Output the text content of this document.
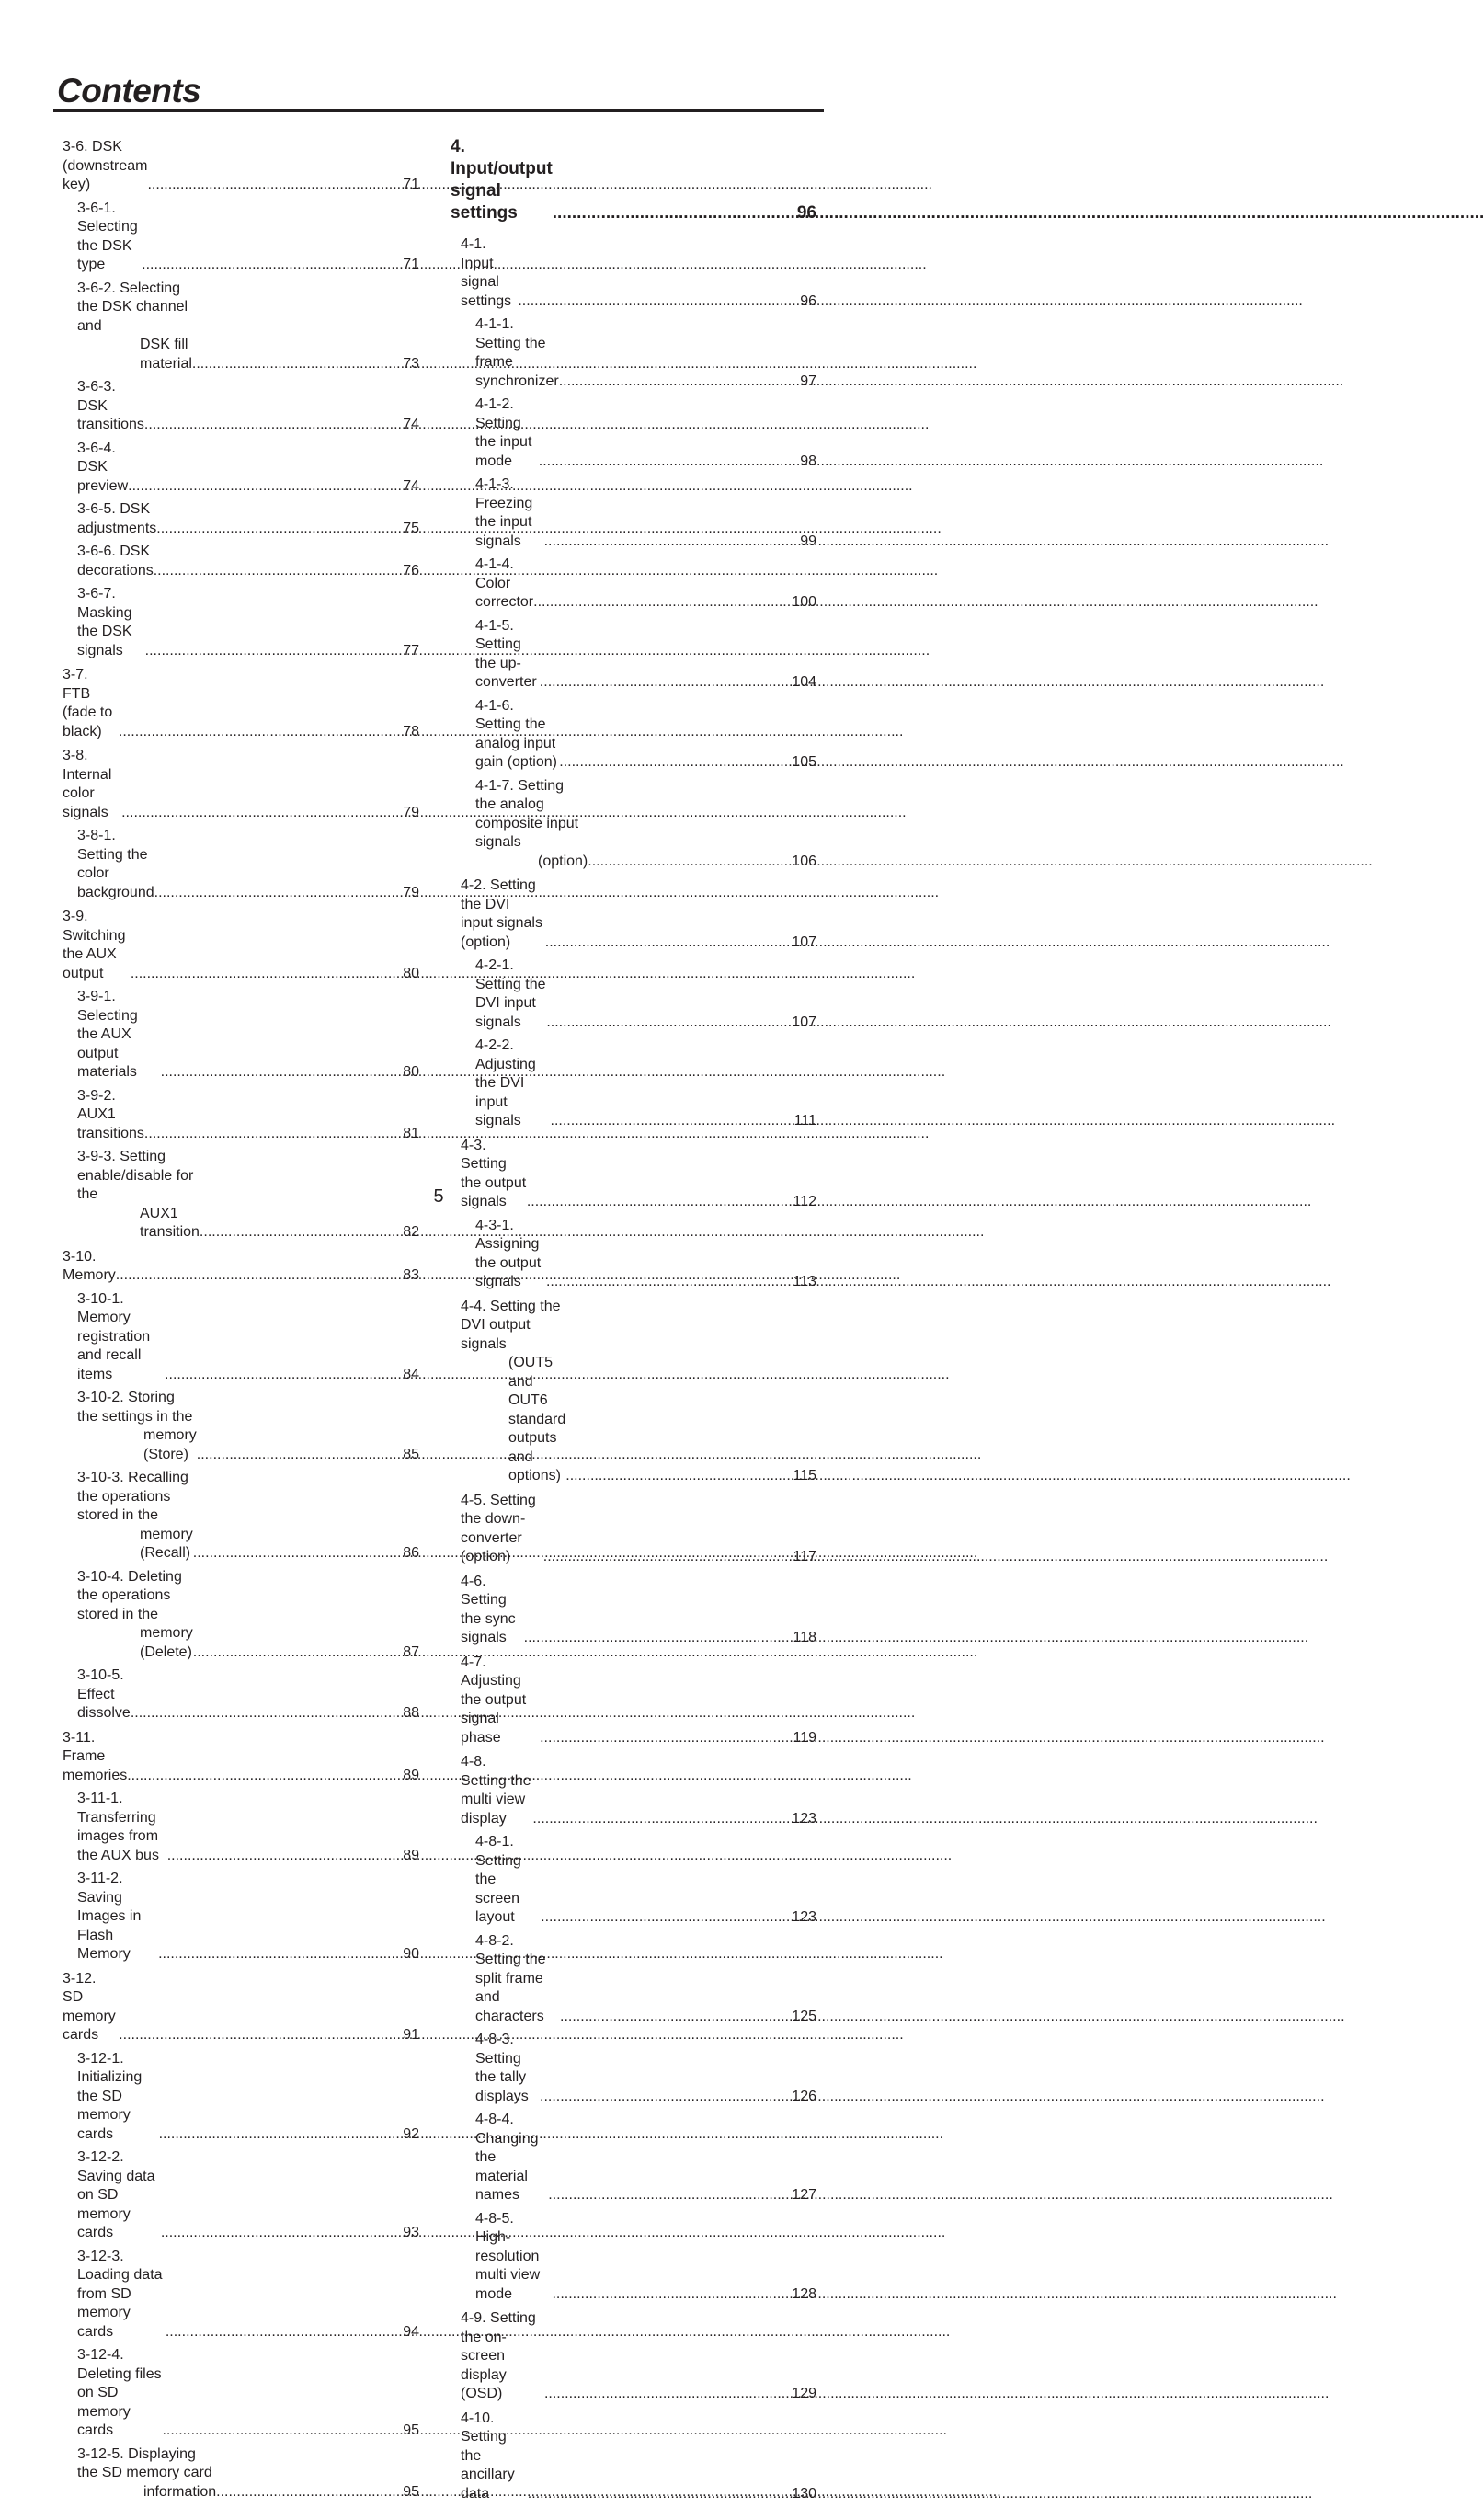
Contents
3-6. DSK (downstream key) .....	71
3-6-1. Selecting the DSK type .....	71
3-6-2. Selecting the DSK channel and
DSK fill material .....	73
3-6-3. DSK transitions .....	74
3-6-4. DSK preview .....	74
3-6-5. DSK adjustments .....	75
3-6-6. DSK decorations .....	76
3-6-7. Masking the DSK signals .....	77
3-7. FTB (fade to black) .....	78
3-8. Internal color signals .....	79
3-8-1. Setting the color background .....	79
3-9. Switching the AUX output .....	80
3-9-1. Selecting the AUX output materials .....	80
3-9-2. AUX1 transitions .....	81
3-9-3. Setting enable/disable for the
AUX1 transition .....	82
3-10. Memory .....	83
3-10-1. Memory registration and recall items .....	84
3-10-2. Storing the settings in the
memory (Store) .....	85
3-10-3. Recalling the operations stored in the
memory (Recall) .....	86
3-10-4. Deleting the operations stored in the
memory (Delete) .....	87
3-10-5. Effect dissolve .....	88
3-11. Frame memories .....	89
3-11-1. Transferring images from the AUX bus .....	89
3-11-2. Saving Images in Flash Memory .....	90
3-12. SD memory cards .....	91
3-12-1. Initializing the SD memory cards .....	92
3-12-2. Saving data on SD memory cards .....	93
3-12-3. Loading data from SD memory cards .....	94
3-12-4. Deleting files on SD memory cards .....	95
3-12-5. Displaying the SD memory card
information .....	95
4. Input/output signal settings .....	96
4-1. Input signal settings .....	96
4-1-1. Setting the frame synchronizer .....	97
4-1-2. Setting the input mode .....	98
4-1-3. Freezing the input signals .....	99
4-1-4. Color corrector .....	100
4-1-5. Setting the up-converter .....	104
4-1-6. Setting the analog input gain (option) .....	105
4-1-7. Setting the analog composite input signals
(option) .....	106
4-2. Setting the DVI input signals (option) .....	107
4-2-1. Setting the DVI input signals .....	107
4-2-2. Adjusting the DVI input signals .....	111
4-3. Setting the output signals .....	112
4-3-1. Assigning the output signals .....	113
4-4. Setting the DVI output signals
(OUT5 and OUT6 standard outputs and
options) .....	115
4-5. Setting the down-converter (option) .....	117
4-6. Setting the sync signals .....	118
4-7. Adjusting the output signal phase .....	119
4-8. Setting the multi view display .....	123
4-8-1. Setting the screen layout .....	123
4-8-2. Setting the split frame and characters .....	125
4-8-3. Setting the tally displays .....	126
4-8-4. Changing the material names .....	127
4-8-5. High-resolution multi view mode .....	128
4-9. Setting the on-screen display (OSD) .....	129
4-10. Setting the ancillary data .....	130
5
